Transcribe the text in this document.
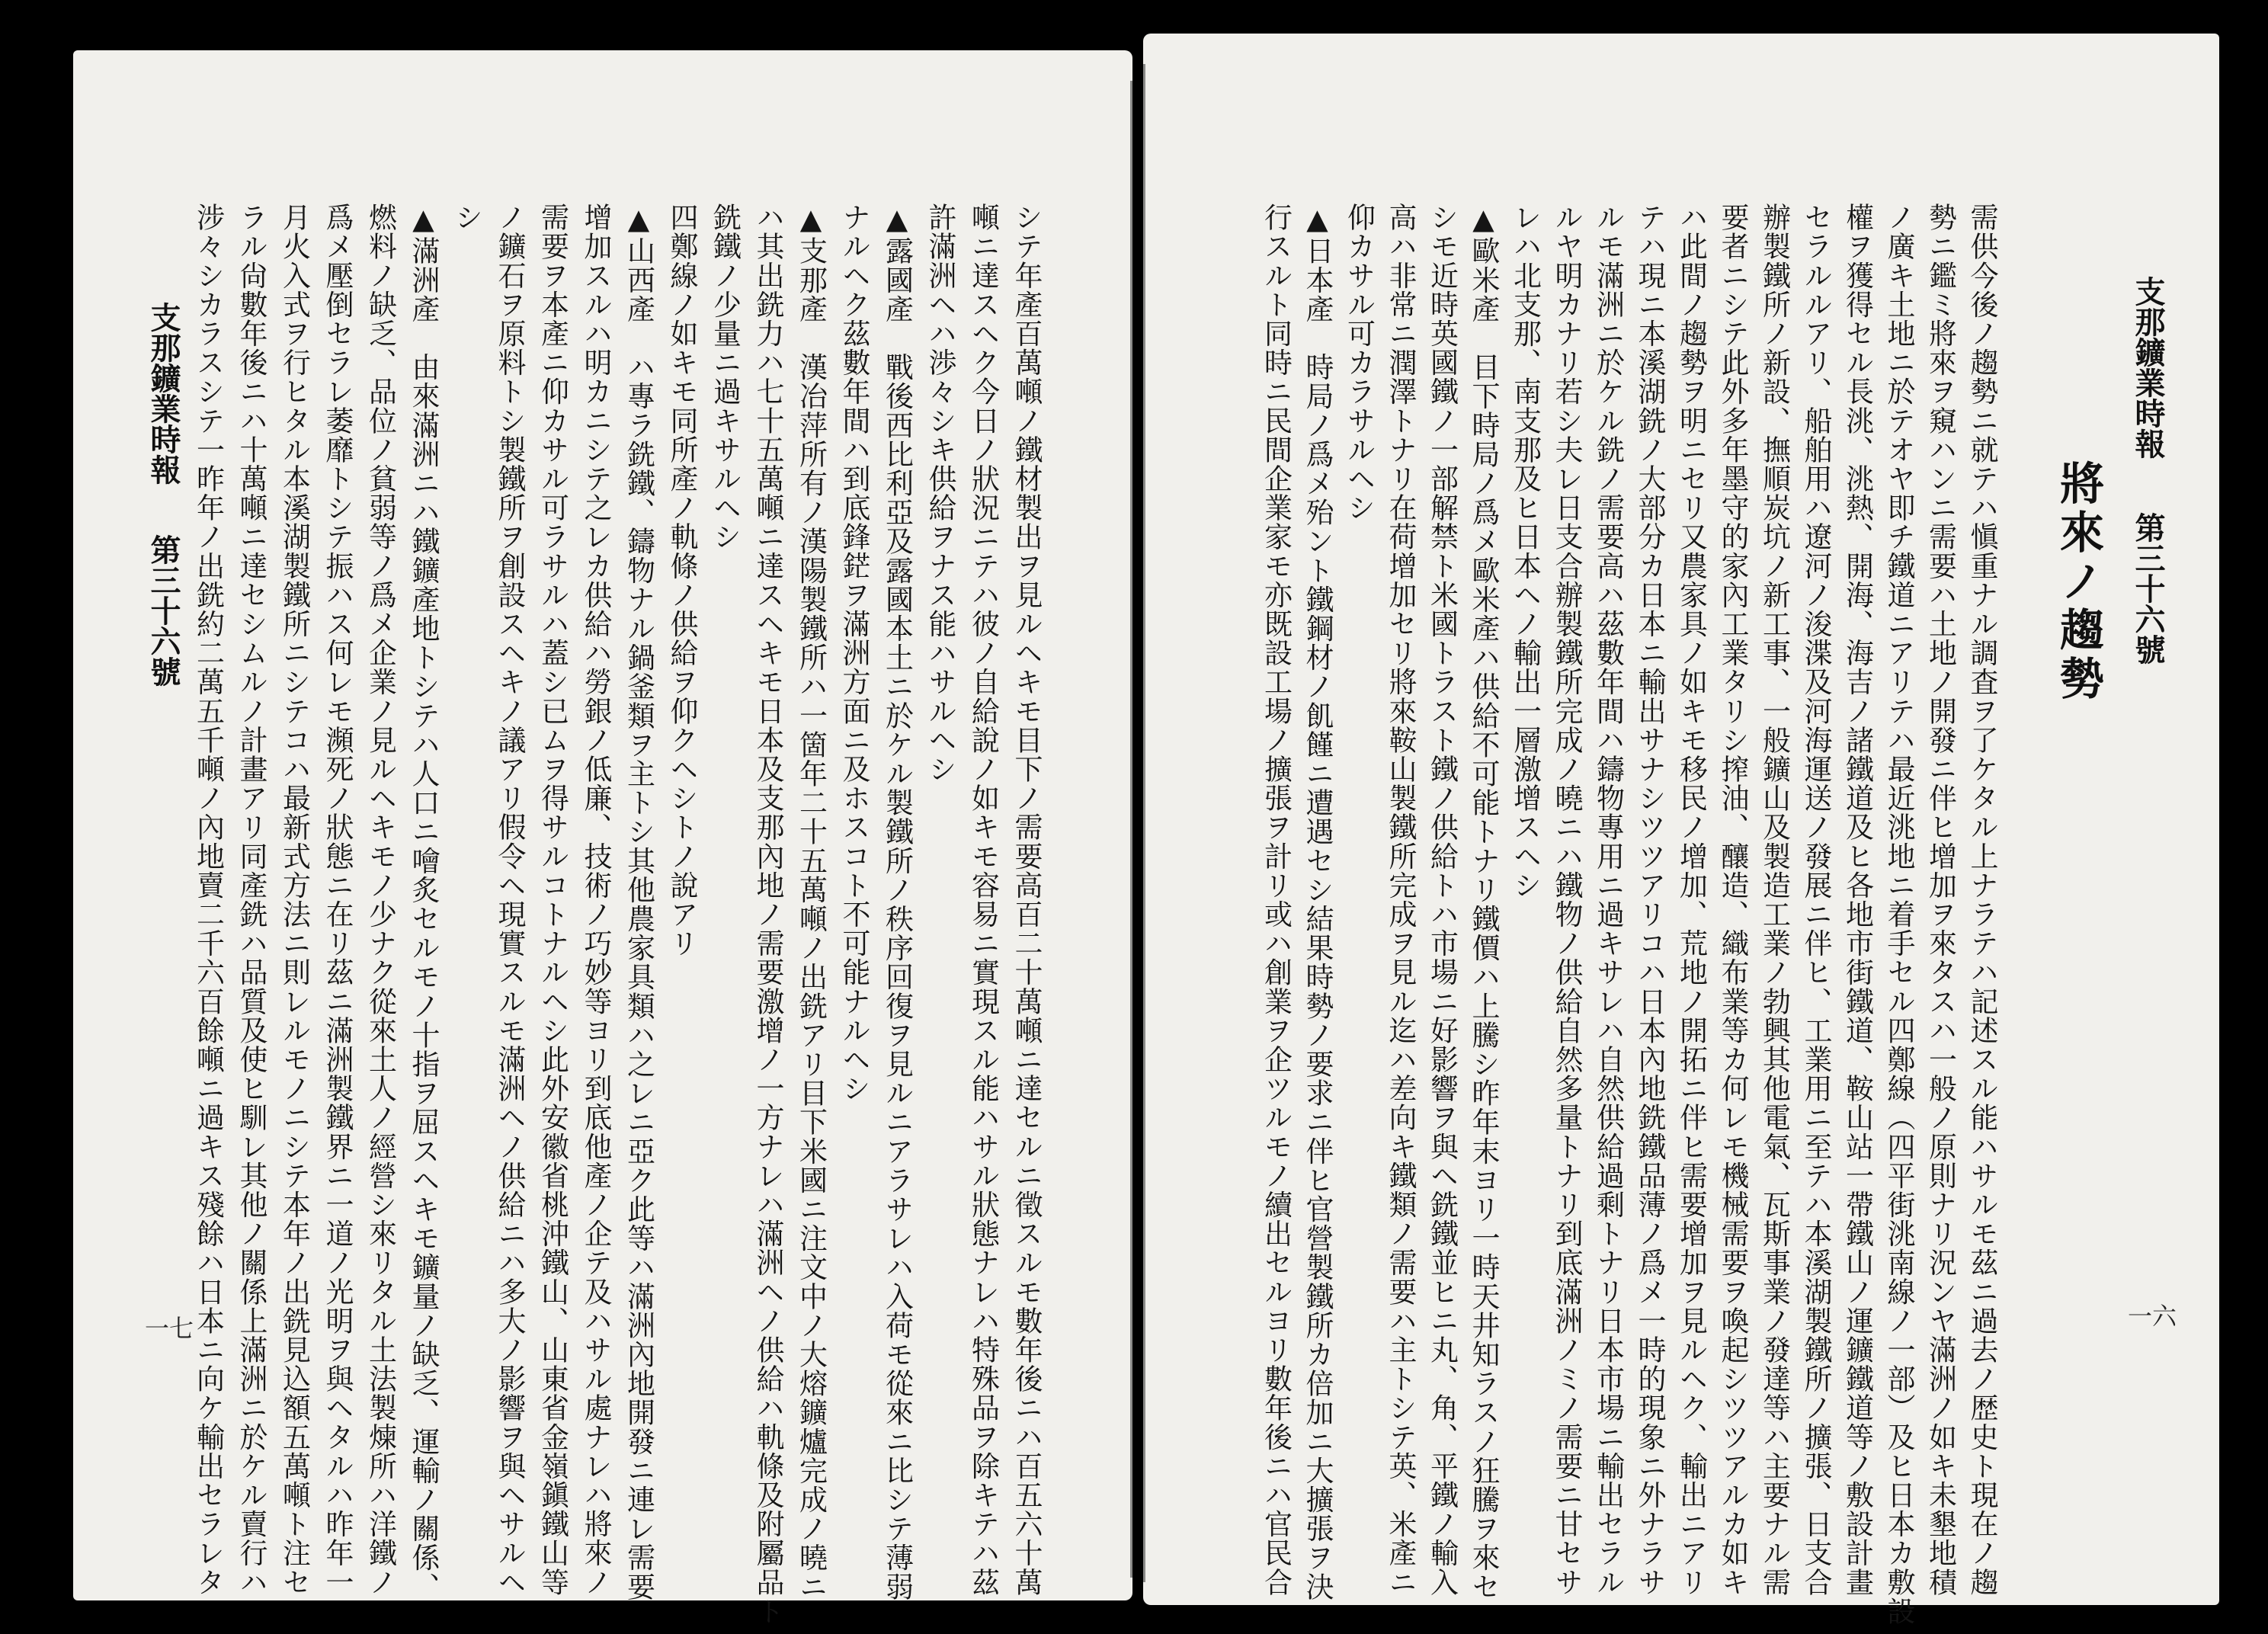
支那鑛業時報
第三十六號
一六
將來ノ趨勢
需供今後ノ趨勢ニ就テハ愼重ナル調査ヲ了ケタル上ナラテハ記述スル能ハサルモ茲ニ過去ノ歴史ト現在ノ趨
勢ニ鑑ミ將來ヲ窺ハンニ需要ハ土地ノ開發ニ伴ヒ增加ヲ來タスハ一般ノ原則ナリ況ンヤ滿洲ノ如キ未墾地積
ノ廣キ土地ニ於テオヤ即チ鐵道ニアリテハ最近洮地ニ着手セル四鄭線（四平街洮南線ノ一部）及ヒ日本カ敷設
權ヲ獲得セル長洮、洮熱、開海、海吉ノ諸鐵道及ヒ各地市街鐵道、鞍山站一帶鐵山ノ運鑛鐵道等ノ敷設計畫
セラルルアリ、船舶用ハ遼河ノ浚渫及河海運送ノ發展ニ伴ヒ、工業用ニ至テハ本溪湖製鐵所ノ擴張、日支合
辦製鐵所ノ新設、撫順炭坑ノ新工事、一般鑛山及製造工業ノ勃興其他電氣、瓦斯事業ノ發達等ハ主要ナル需
要者ニシテ此外多年墨守的家內工業タリシ搾油、釀造、織布業等カ何レモ機械需要ヲ喚起シツツアルカ如キ
ハ此間ノ趨勢ヲ明ニセリ又農家具ノ如キモ移民ノ增加、荒地ノ開拓ニ伴ヒ需要增加ヲ見ルヘク、輸出ニアリ
テハ現ニ本溪湖銑ノ大部分カ日本ニ輸出サナシツツアリコハ日本內地銑鐵品薄ノ爲メ一時的現象ニ外ナラサ
ルモ滿洲ニ於ケル銑ノ需要高ハ茲數年間ハ鑄物專用ニ過キサレハ自然供給過剩トナリ日本市場ニ輸出セラル
ルヤ明カナリ若シ夫レ日支合辦製鐵所完成ノ曉ニハ鐵物ノ供給自然多量トナリ到底滿洲ノミノ需要ニ甘セサ
レハ北支那、南支那及ヒ日本ヘノ輸出一層激增スヘシ
▲歐米產　目下時局ノ爲メ歐米產ハ供給不可能トナリ鐵價ハ上騰シ昨年末ヨリ一時天井知ラスノ狂騰ヲ來セ
シモ近時英國鐵ノ一部解禁ト米國トラスト鐵ノ供給トハ市場ニ好影響ヲ與ヘ銑鐵並ヒニ丸、角、平鐵ノ輸入
高ハ非常ニ潤澤トナリ在荷增加セリ將來鞍山製鐵所完成ヲ見ル迄ハ差向キ鐵類ノ需要ハ主トシテ英、米產ニ
仰カサル可カラサルヘシ
▲日本產　時局ノ爲メ殆ント鐵鋼材ノ飢饉ニ遭遇セシ結果時勢ノ要求ニ伴ヒ官營製鐵所カ倍加ニ大擴張ヲ決
行スルト同時ニ民間企業家モ亦既設工場ノ擴張ヲ計リ或ハ創業ヲ企ツルモノ續出セルヨリ數年後ニハ官民合
支那鑛業時報
第三十六號
一七	シテ年產百萬噸ノ鐵材製出ヲ見ルヘキモ目下ノ需要高百二十萬噸ニ達セルニ徵スルモ數年後ニハ百五六十萬
噸ニ達スヘク今日ノ狀況ニテハ彼ノ自給說ノ如キモ容易ニ實現スル能ハサル狀態ナレハ特殊品ヲ除キテハ茲
許滿洲ヘハ渉々シキ供給ヲナス能ハサルヘシ
▲露國產　戰後西比利亞及露國本土ニ於ケル製鐵所ノ秩序回復ヲ見ルニアラサレハ入荷モ從來ニ比シテ薄弱
ナルヘク茲數年間ハ到底鋒鋩ヲ滿洲方面ニ及ホスコト不可能ナルヘシ
▲支那產　漢冶萍所有ノ漢陽製鐵所ハ一箇年二十五萬噸ノ出銑アリ目下米國ニ注文中ノ大熔鑛爐完成ノ曉ニ
ハ其出銑力ハ七十五萬噸ニ達スヘキモ日本及支那內地ノ需要激增ノ一方ナレハ滿洲ヘノ供給ハ軌條及附屬品ト
銑鐵ノ少量ニ過キサルヘシ
四鄭線ノ如キモ同所產ノ軌條ノ供給ヲ仰クヘシトノ說アリ
▲山西產　ハ專ラ銑鐵、鑄物ナル鍋釜類ヲ主トシ其他農家具類ハ之レニ亞ク此等ハ滿洲內地開發ニ連レ需要
增加スルハ明カニシテ之レカ供給ハ勞銀ノ低廉、技術ノ巧妙等ヨリ到底他產ノ企テ及ハサル處ナレハ將來ノ
需要ヲ本產ニ仰カサル可ラサルハ蓋シ已ムヲ得サルコトナルヘシ此外安徽省桃沖鐵山、山東省金嶺鎭鐵山等
ノ鑛石ヲ原料トシ製鐵所ヲ創設スヘキノ議アリ假令ヘ現實スルモ滿洲ヘノ供給ニハ多大ノ影響ヲ與ヘサルヘ
シ
▲滿洲產　由來滿洲ニハ鐵鑛產地トシテハ人口ニ噲炙セルモノ十指ヲ屈スヘキモ鑛量ノ缺乏、運輸ノ關係、
燃料ノ缺乏、品位ノ貧弱等ノ爲メ企業ノ見ルヘキモノ少ナク從來土人ノ經營シ來リタル土法製煉所ハ洋鐵ノ
爲メ壓倒セラレ萎靡トシテ振ハス何レモ瀕死ノ狀態ニ在リ茲ニ滿洲製鐵界ニ一道ノ光明ヲ與ヘタルハ昨年一
月火入式ヲ行ヒタル本溪湖製鐵所ニシテコハ最新式方法ニ則レルモノニシテ本年ノ出銑見込額五萬噸ト注セ
ラル尙數年後ニハ十萬噸ニ達セシムルノ計畫アリ同產銑ハ品質及使ヒ馴レ其他ノ關係上滿洲ニ於ケル賣行ハ
涉々シカラスシテ一昨年ノ出銑約二萬五千噸ノ內地賣二千六百餘噸ニ過キス殘餘ハ日本ニ向ケ輸出セラレタ
